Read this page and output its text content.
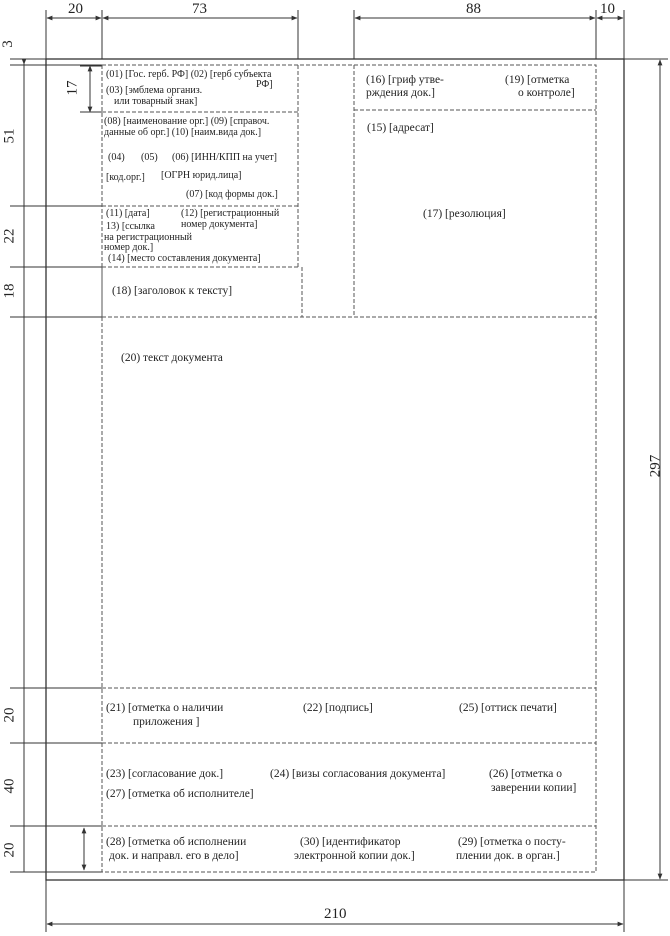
20	73	88	10
3
17
51
22
18
20
40
20
297
210
(01) [Гос. герб. РФ] (02) [герб субъекта
РФ]
(03) [эмблема организ.
или товарный знак]
(08) [наименование орг.] (09) [справоч.
данные об орг.] (10) [наим.вида док.]
(04) (05) (06) [ИНН/КПП на учет]
[код.орг.] [ОГРН юрид.лица]
(07) [код формы док.]
(11) [дата]	(12) [регистрационный
номер документа]
13) [ссылка
на регистрационный
номер док.]
(14) [место составления документа]
(18) [заголовок к тексту]
(16) [гриф утве-
рждения док.]
(19) [отметка
о контроле]
(15) [адресат]
(17) [резолюция]
(20) текст документа
(21) [отметка о наличии
приложения ]
(22) [подпись]	(25) [оттиск печати]
(23) [согласование док.]	(24) [визы согласования документа]	(26) [отметка о
заверении копии]
(27) [отметка об исполнителе]
(28) [отметка об исполнении
док. и направл. его в дело]
(30) [идентификатор
электронной копии док.]
(29) [отметка о посту-
плении док. в орган.]
